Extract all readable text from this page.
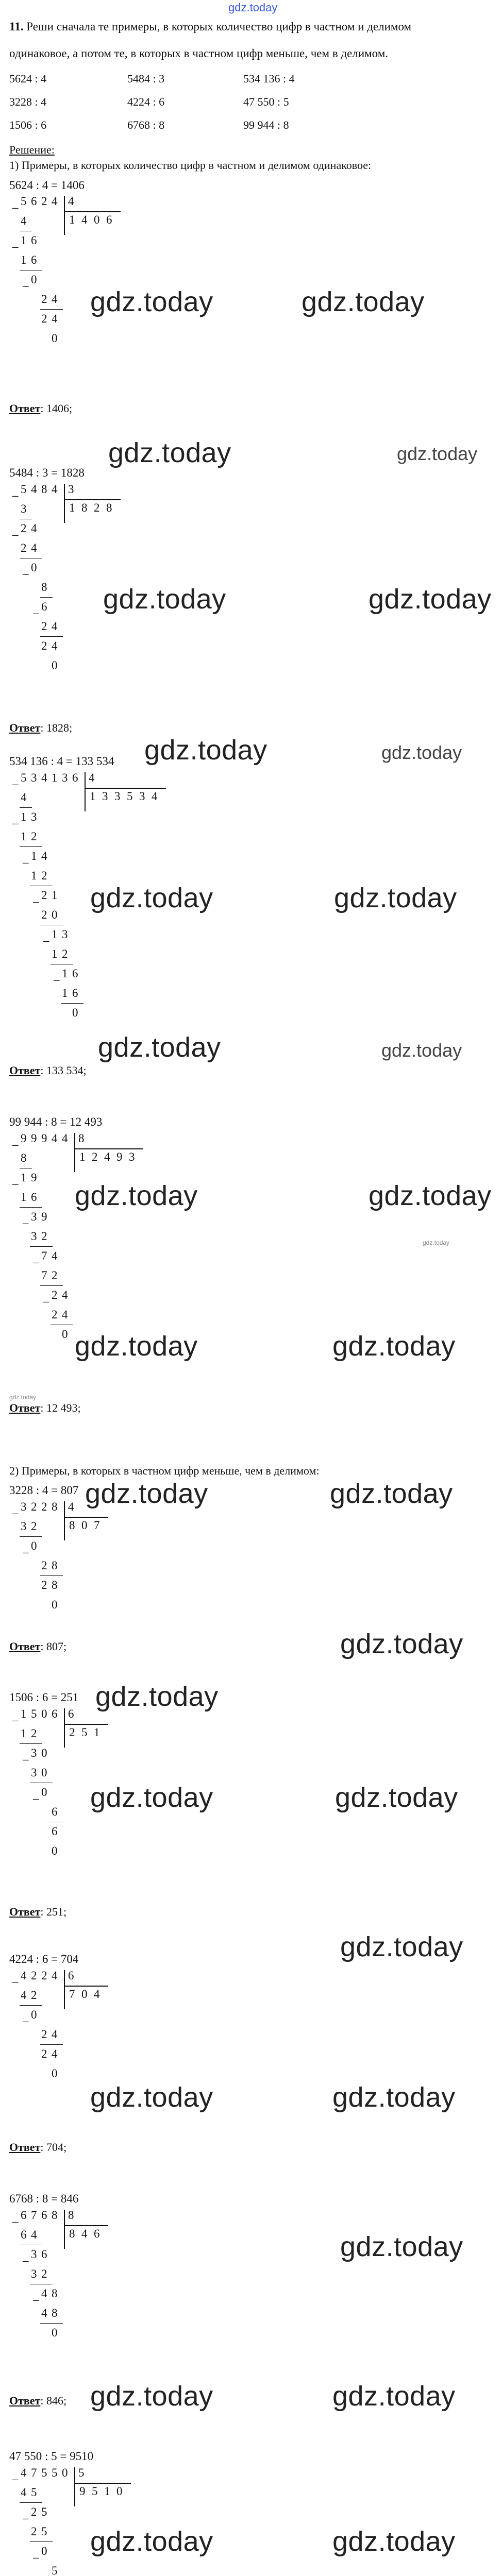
gdz.today
11. Реши сначала те примеры, в которых количество цифр в частном и делимом
одинаковое, а потом те, в которых в частном цифр меньше, чем в делимом.
5624 : 4	5484 : 3	534 136 : 4
3228 : 4	4224 : 6	47 550 : 5
1506 : 6	6768 : 8	99 944 : 8
Решение:
1) Примеры, в которых количество цифр в частном и делимом одинаковое:
2) Примеры, в которых в частном цифр меньше, чем в делимом:
5624 : 4 = 1406
5484 : 3 = 1828
534 136 : 4 = 133 534
99 944 : 8 = 12 493
3228 : 4 = 807
1506 : 6 = 251
4224 : 6 = 704
6768 : 8 = 846
47 550 : 5 = 9510
Ответ: 1406;
Ответ: 1828;
Ответ: 133 534;
Ответ: 12 493;
Ответ: 807;
Ответ: 251;
Ответ: 704;
Ответ: 846;
5 6 2 4
–	4
1 4 0 6
4
1 6
–
1 6
0
–
2 4
2 4
0
5 4 8 4
–	3
1 8 2 8
3
2 4
–
2 4
0
–
8
6
–
2 4
2 4
0
5 3 4 1 3 6
–	4
1 3 3 5 3 4
4
1 3
–
1 2
1 4
–
1 2
2 1
–
2 0
1 3
–
1 2
1 6
–
1 6
0
9 9 9 4 4
–	8
1 2 4 9 3
8
1 9
–
1 6
3 9
–
3 2
7 4
–
7 2
2 4
–
2 4
0
3 2 2 8
–	4
8 0 7
3 2
0
–
2 8
2 8
0
1 5 0 6
–	6
2 5 1
1 2
3 0
–
3 0
0
–
6
6
0
4 2 2 4
–	6
7 0 4
4 2
0
–
2 4
2 4
0
6 7 6 8
–	8
8 4 6
6 4
3 6
–
3 2
4 8
–
4 8
0
4 7 5 5 0
–	5
9 5 1 0
4 5
2 5
–
2 5
0
–
5
gdz.today	gdz.today
gdz.today	gdz.today
gdz.today	gdz.today
gdz.today	gdz.today
gdz.today	gdz.today
gdz.today	gdz.today
gdz.today	gdz.today
gdz.today	gdz.today
gdz.today
gdz.today
gdz.today	gdz.today
gdz.today
gdz.today
gdz.today	gdz.today
gdz.today
gdz.today	gdz.today
gdz.today
gdz.today	gdz.today
gdz.today	gdz.today
